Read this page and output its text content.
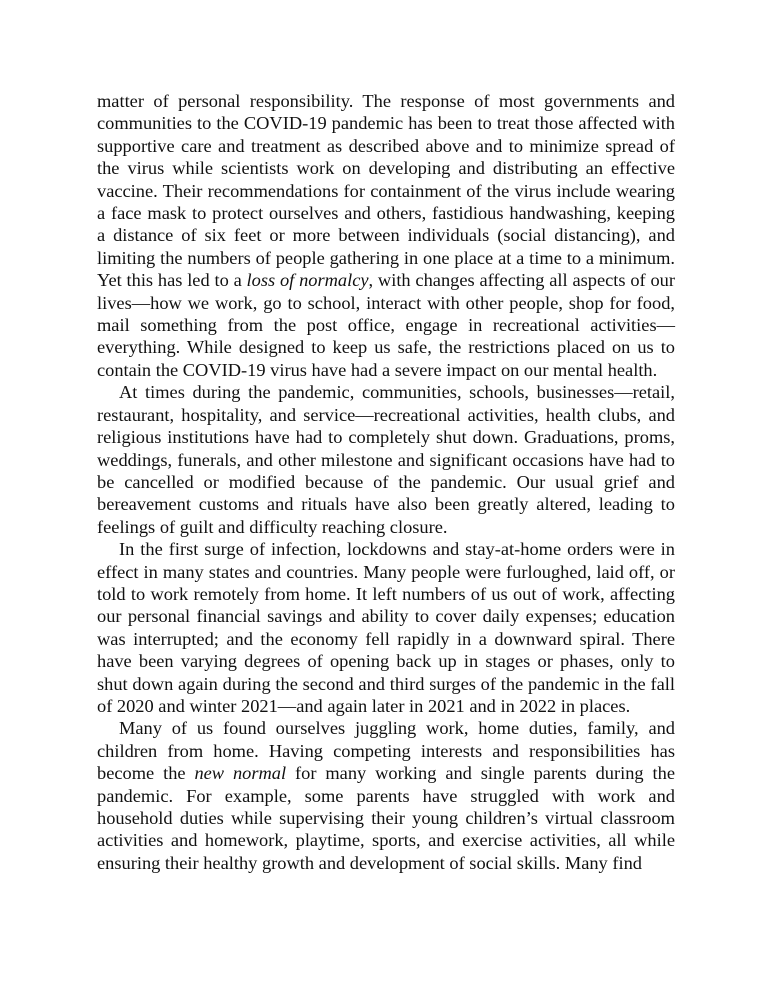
matter of personal responsibility. The response of most governments and communities to the COVID-19 pandemic has been to treat those affected with supportive care and treatment as described above and to minimize spread of the virus while scientists work on developing and distributing an effective vaccine. Their recommendations for containment of the virus include wearing a face mask to protect ourselves and others, fastidious handwashing, keeping a distance of six feet or more between individuals (social distancing), and limiting the numbers of people gathering in one place at a time to a minimum. Yet this has led to a loss of normalcy, with changes affecting all aspects of our lives—how we work, go to school, interact with other people, shop for food, mail something from the post office, engage in recreational activities—everything. While designed to keep us safe, the restrictions placed on us to contain the COVID-19 virus have had a severe impact on our mental health.

At times during the pandemic, communities, schools, businesses—retail, restaurant, hospitality, and service—recreational activities, health clubs, and religious institutions have had to completely shut down. Graduations, proms, weddings, funerals, and other milestone and significant occasions have had to be cancelled or modified because of the pandemic. Our usual grief and bereavement customs and rituals have also been greatly altered, leading to feelings of guilt and difficulty reaching closure.

In the first surge of infection, lockdowns and stay-at-home orders were in effect in many states and countries. Many people were furloughed, laid off, or told to work remotely from home. It left numbers of us out of work, affecting our personal financial savings and ability to cover daily expenses; education was interrupted; and the economy fell rapidly in a downward spiral. There have been varying degrees of opening back up in stages or phases, only to shut down again during the second and third surges of the pandemic in the fall of 2020 and winter 2021—and again later in 2021 and in 2022 in places.

Many of us found ourselves juggling work, home duties, family, and children from home. Having competing interests and responsibilities has become the new normal for many working and single parents during the pandemic. For example, some parents have struggled with work and household duties while supervising their young children’s virtual classroom activities and homework, playtime, sports, and exercise activities, all while ensuring their healthy growth and development of social skills. Many find
